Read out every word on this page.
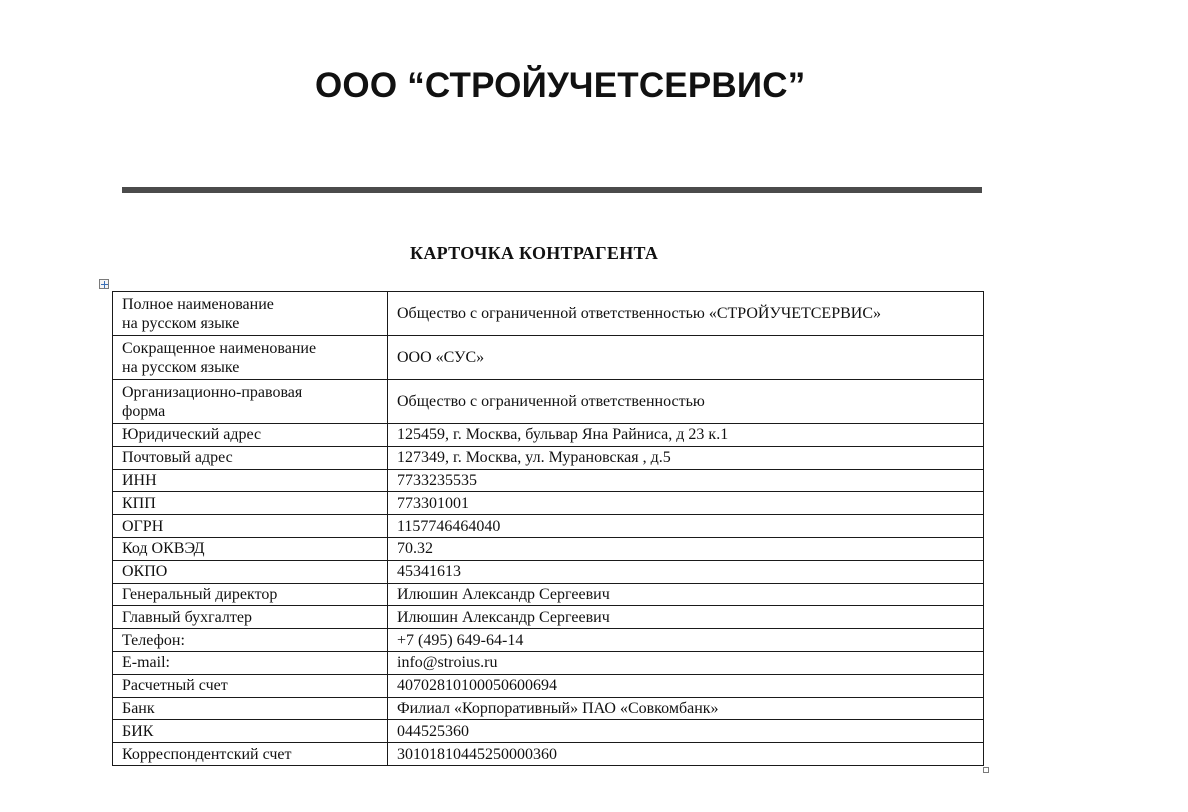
ООО “СТРОЙУЧЕТСЕРВИС”
КАРТОЧКА КОНТРАГЕНТА
Полное наименование
на русском языке	Общество с ограниченной ответственностью «СТРОЙУЧЕТСЕРВИС»

Сокращенное наименование
на русском языке	ООО «СУС»

Организационно-правовая
форма	Общество с ограниченной ответственностью
Юридический адрес	125459, г. Москва, бульвар Яна Райниса, д 23 к.1
Почтовый адрес	127349, г. Москва, ул. Мурановская , д.5
ИНН	7733235535
КПП	773301001
ОГРН	1157746464040
Код ОКВЭД	70.32
ОКПО	45341613
Генеральный директор	Илюшин Александр Сергеевич
Главный бухгалтер	Илюшин Александр Сергеевич
Телефон:	+7 (495) 649-64-14
E-mail:	info@stroius.ru
Расчетный счет	40702810100050600694
Банк	Филиал «Корпоративный» ПАО «Совкомбанк»
БИК	044525360
Корреспондентский счет	30101810445250000360
